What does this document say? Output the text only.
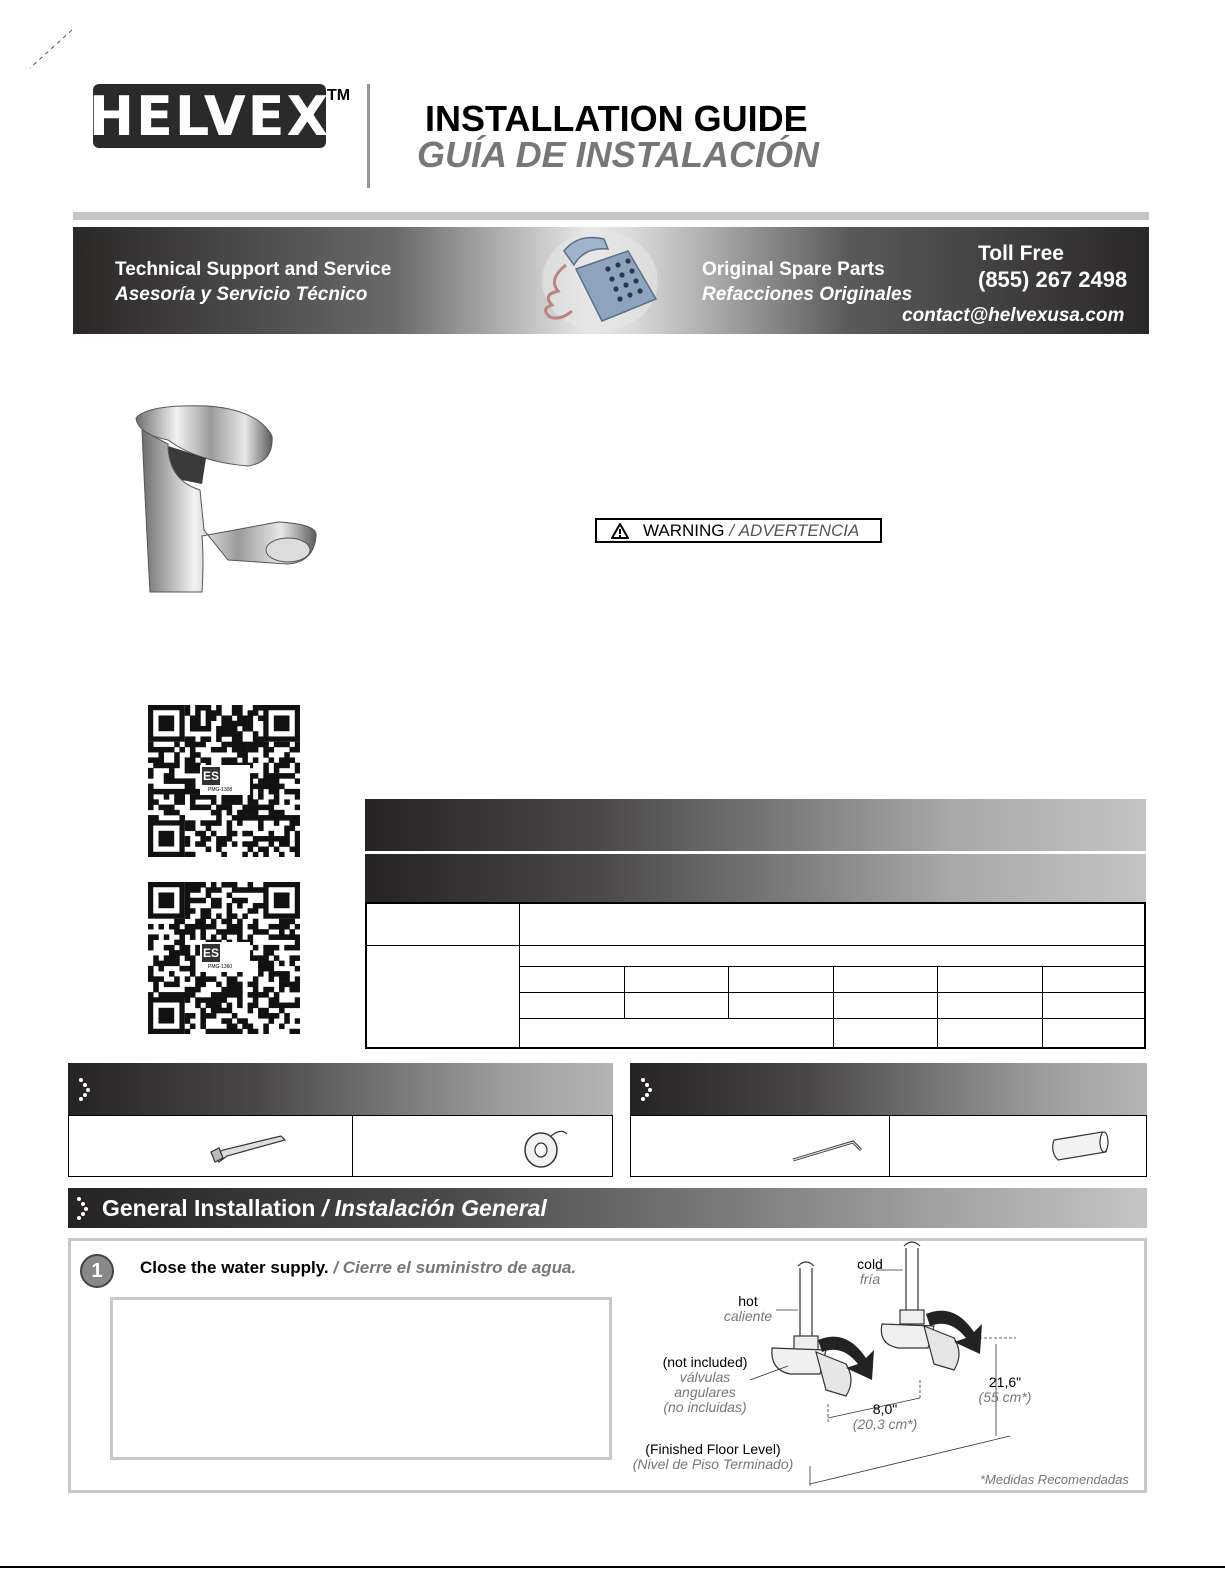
HELVEX
TM
INSTALLATION GUIDE
GUÍA DE INSTALACIÓN
Technical Support and Service
Asesoría y Servicio Técnico
Original Spare Parts
Refacciones Originales
Toll Free
(855) 267 2498
contact@helvexusa.com
WARNING / ADVERTENCIA
ES
PMG-1308
ES
PMG-1360
General Installation / Instalación General
1	Close the water supply. / Cierre el suministro de agua.	cold
fría
hot
caliente
(not included)
válvulas
angulares
(no incluidas)	8,0"
(20,3 cm*)
21,6"
(55 cm*)
(Finished Floor Level)
(Nivel de Piso Terminado)
*Medidas Recomendadas
